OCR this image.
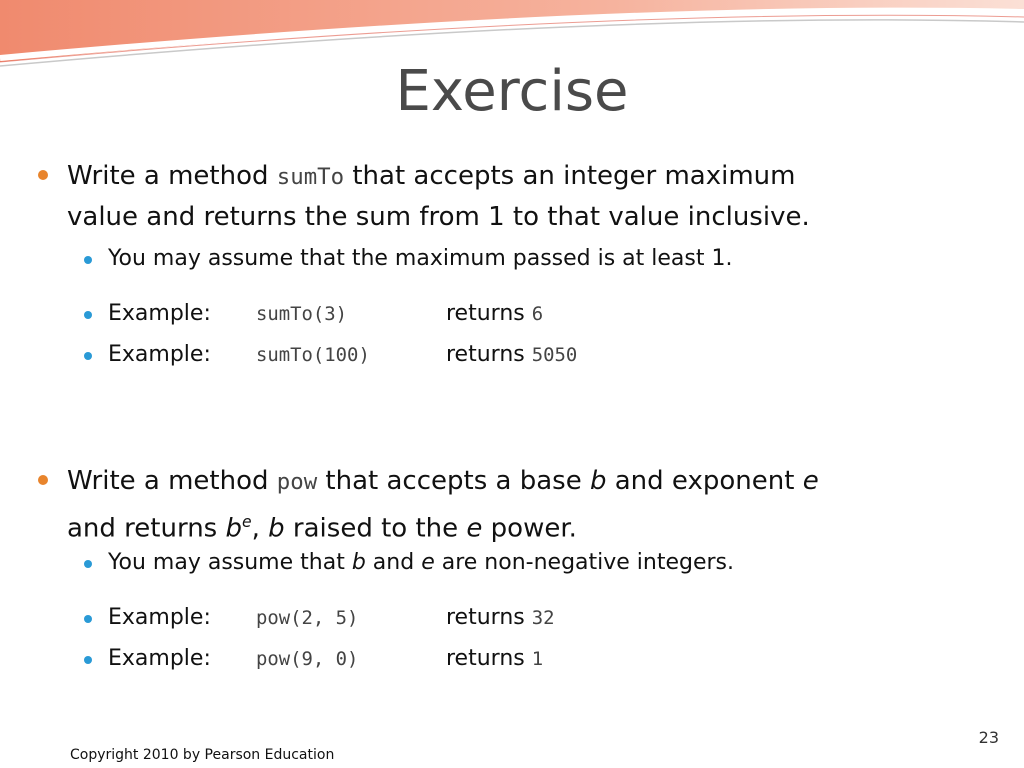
Exercise
Write a method sumTo that accepts an integer maximum
value and returns the sum from 1 to that value inclusive.
You may assume that the maximum passed is at least 1.
Example: sumTo(3)	returns 6
Example: sumTo(100)	returns 5050
Write a method pow that accepts a base b and exponent e
and returns $b^e$, b raised to the e power.
You may assume that b and e are non-negative integers.
Example: pow(2, 5)	returns 32
Example: pow(9, 0)	returns 1
23
Copyright 2010 by Pearson Education
